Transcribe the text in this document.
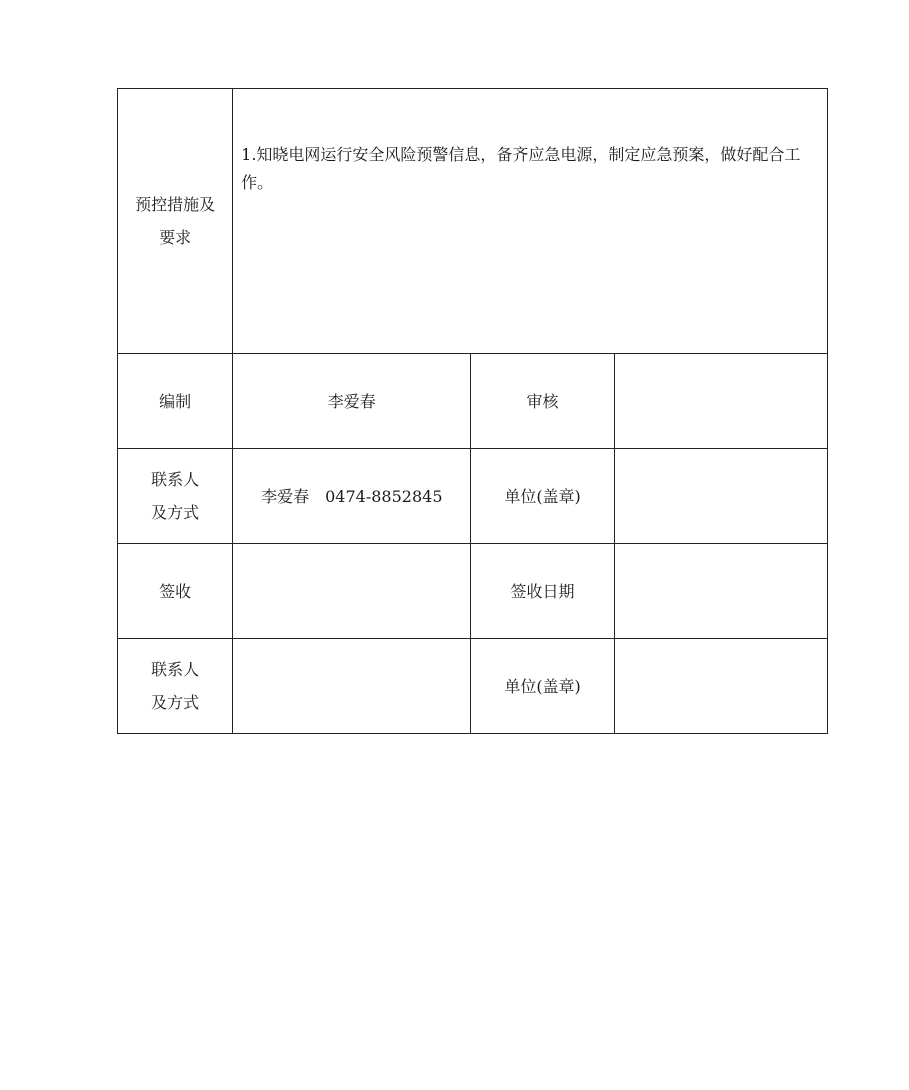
预控措施及
要求	1.知晓电网运行安全风险预警信息，备齐应急电源，制定应急预案，做好配合工作。		
编制	李爱春	审核	

联系人
及方式	李爱春　0474-8852845	单位(盖章)	
签收		签收日期	

联系人
及方式		单位(盖章)	
